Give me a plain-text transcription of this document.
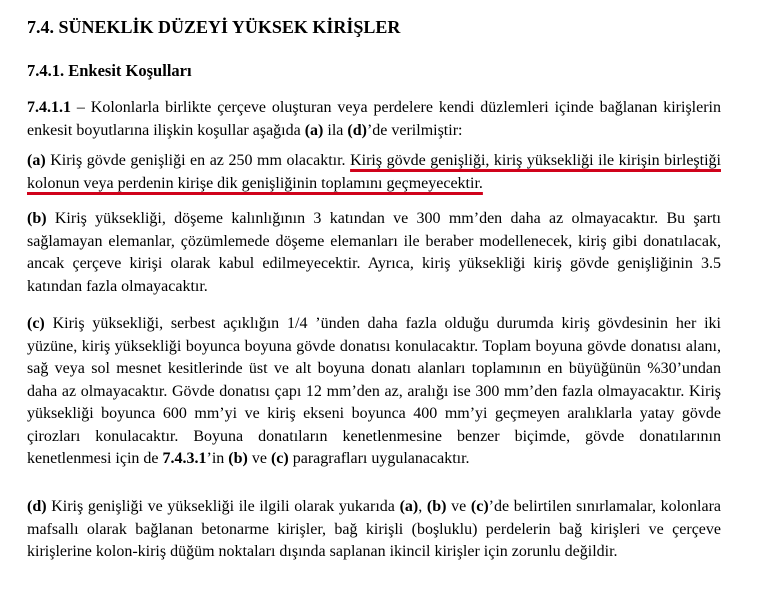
7.4. SÜNEKLİK DÜZEYİ YÜKSEK KİRİŞLER
7.4.1. Enkesit Koşulları

7.4.1.1 – Kolonlarla birlikte çerçeve oluşturan veya perdelere kendi düzlemleri içinde bağlanan kirişlerin enkesit boyutlarına ilişkin koşullar aşağıda (a) ila (d)’de verilmiştir:

(a) Kiriş gövde genişliği en az 250 mm olacaktır. Kiriş gövde genişliği, kiriş yüksekliği ile kirişin birleştiği kolonun veya perdenin kirişe dik genişliğinin toplamını geçmeyecektir.

(b) Kiriş yüksekliği, döşeme kalınlığının 3 katından ve 300 mm’den daha az olmayacaktır. Bu şartı sağlamayan elemanlar, çözümlemede döşeme elemanları ile beraber modellenecek, kiriş gibi donatılacak, ancak çerçeve kirişi olarak kabul edilmeyecektir. Ayrıca, kiriş yüksekliği kiriş gövde genişliğinin 3.5 katından fazla olmayacaktır.

(c) Kiriş yüksekliği, serbest açıklığın 1/4 ’ünden daha fazla olduğu durumda kiriş gövdesinin her iki yüzüne, kiriş yüksekliği boyunca boyuna gövde donatısı konulacaktır. Toplam boyuna gövde donatısı alanı, sağ veya sol mesnet kesitlerinde üst ve alt boyuna donatı alanları toplamının en büyüğünün %30’undan daha az olmayacaktır. Gövde donatısı çapı 12 mm’den az, aralığı ise 300 mm’den fazla olmayacaktır. Kiriş yüksekliği boyunca 600 mm’yi ve kiriş ekseni boyunca 400 mm’yi geçmeyen aralıklarla yatay gövde çirozları konulacaktır. Boyuna donatıların kenetlenmesine benzer biçimde, gövde donatılarının kenetlenmesi için de 7.4.3.1’in (b) ve (c) paragrafları uygulanacaktır.

(d) Kiriş genişliği ve yüksekliği ile ilgili olarak yukarıda (a), (b) ve (c)’de belirtilen sınırlamalar, kolonlara mafsallı olarak bağlanan betonarme kirişler, bağ kirişli (boşluklu) perdelerin bağ kirişleri ve çerçeve kirişlerine kolon-kiriş düğüm noktaları dışında saplanan ikincil kirişler için zorunlu değildir.
